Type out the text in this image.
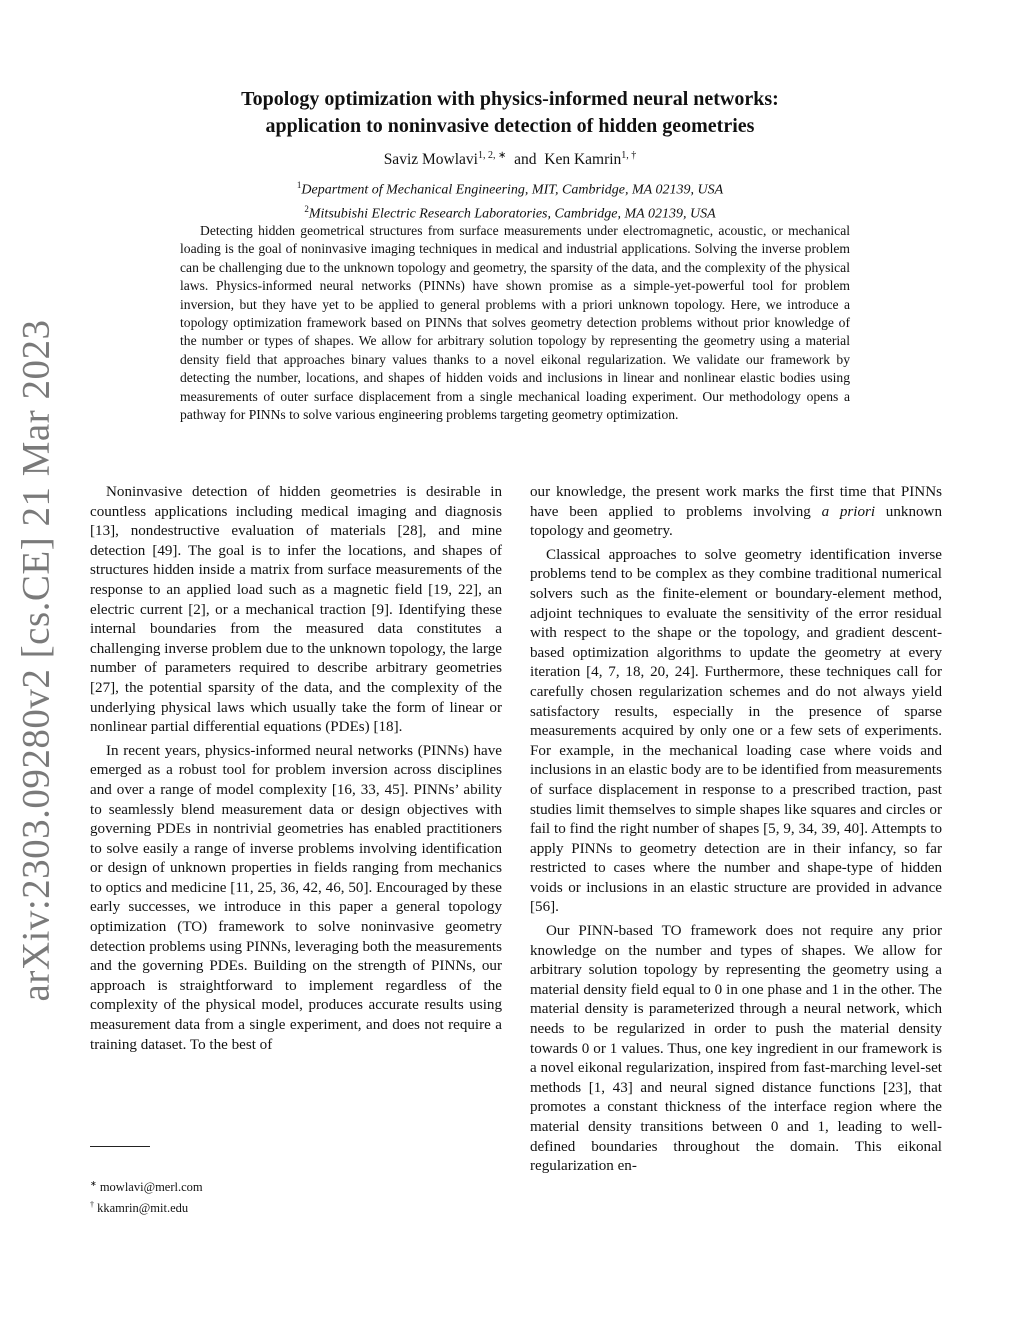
arXiv:2303.09280v2 [cs.CE] 21 Mar 2023
Topology optimization with physics-informed neural networks:
application to noninvasive detection of hidden geometries
Saviz Mowlavi$^{1, 2, ∗}$ and Ken Kamrin$^{1, \dagger}$
$^1$Department of Mechanical Engineering, MIT, Cambridge, MA 02139, USA
$^2$Mitsubishi Electric Research Laboratories, Cambridge, MA 02139, USA

Detecting hidden geometrical structures from surface measurements under electromagnetic, acoustic, or mechanical loading is the goal of noninvasive imaging techniques in medical and industrial applications. Solving the inverse problem can be challenging due to the unknown topology and geometry, the sparsity of the data, and the complexity of the physical laws. Physics-informed neural networks (PINNs) have shown promise as a simple-yet-powerful tool for problem inversion, but they have yet to be applied to general problems with a priori unknown topology. Here, we introduce a topology optimization framework based on PINNs that solves geometry detection problems without prior knowledge of the number or types of shapes. We allow for arbitrary solution topology by representing the geometry using a material density field that approaches binary values thanks to a novel eikonal regularization. We validate our framework by detecting the number, locations, and shapes of hidden voids and inclusions in linear and nonlinear elastic bodies using measurements of outer surface displacement from a single mechanical loading experiment. Our methodology opens a pathway for PINNs to solve various engineering problems targeting geometry optimization.

Noninvasive detection of hidden geometries is desirable in countless applications including medical imaging and diagnosis [13], nondestructive evaluation of materials [28], and mine detection [49]. The goal is to infer the locations, and shapes of structures hidden inside a matrix from surface measurements of the response to an applied load such as a magnetic field [19, 22], an electric current [2], or a mechanical traction [9]. Identifying these internal boundaries from the measured data constitutes a challenging inverse problem due to the unknown topology, the large number of parameters required to describe arbitrary geometries [27], the potential sparsity of the data, and the complexity of the underlying physical laws which usually take the form of linear or nonlinear partial differential equations (PDEs) [18].

In recent years, physics-informed neural networks (PINNs) have emerged as a robust tool for problem inversion across disciplines and over a range of model complexity [16, 33, 45]. PINNs’ ability to seamlessly blend measurement data or design objectives with governing PDEs in nontrivial geometries has enabled practitioners to solve easily a range of inverse problems involving identification or design of unknown properties in fields ranging from mechanics to optics and medicine [11, 25, 36, 42, 46, 50]. Encouraged by these early successes, we introduce in this paper a general topology optimization (TO) framework to solve noninvasive geometry detection problems using PINNs, leveraging both the measurements and the governing PDEs. Building on the strength of PINNs, our approach is straightforward to implement regardless of the complexity of the physical model, produces accurate results using measurement data from a single experiment, and does not require a training dataset. To the best of

our knowledge, the present work marks the first time that PINNs have been applied to problems involving a priori unknown topology and geometry.

Classical approaches to solve geometry identification inverse problems tend to be complex as they combine traditional numerical solvers such as the finite-element or boundary-element method, adjoint techniques to evaluate the sensitivity of the error residual with respect to the shape or the topology, and gradient descent-based optimization algorithms to update the geometry at every iteration [4, 7, 18, 20, 24]. Furthermore, these techniques call for carefully chosen regularization schemes and do not always yield satisfactory results, especially in the presence of sparse measurements acquired by only one or a few sets of experiments. For example, in the mechanical loading case where voids and inclusions in an elastic body are to be identified from measurements of surface displacement in response to a prescribed traction, past studies limit themselves to simple shapes like squares and circles or fail to find the right number of shapes [5, 9, 34, 39, 40]. Attempts to apply PINNs to geometry detection are in their infancy, so far restricted to cases where the number and shape-type of hidden voids or inclusions in an elastic structure are provided in advance [56].

Our PINN-based TO framework does not require any prior knowledge on the number and types of shapes. We allow for arbitrary solution topology by representing the geometry using a material density field equal to 0 in one phase and 1 in the other. The material density is parameterized through a neural network, which needs to be regularized in order to push the material density towards 0 or 1 values. Thus, one key ingredient in our framework is a novel eikonal regularization, inspired from fast-marching level-set methods [1, 43] and neural signed distance functions [23], that promotes a constant thickness of the interface region where the material density transitions between 0 and 1, leading to well-defined boundaries throughout the domain. This eikonal regularization en-

∗ mowlavi@merl.com
† kkamrin@mit.edu
